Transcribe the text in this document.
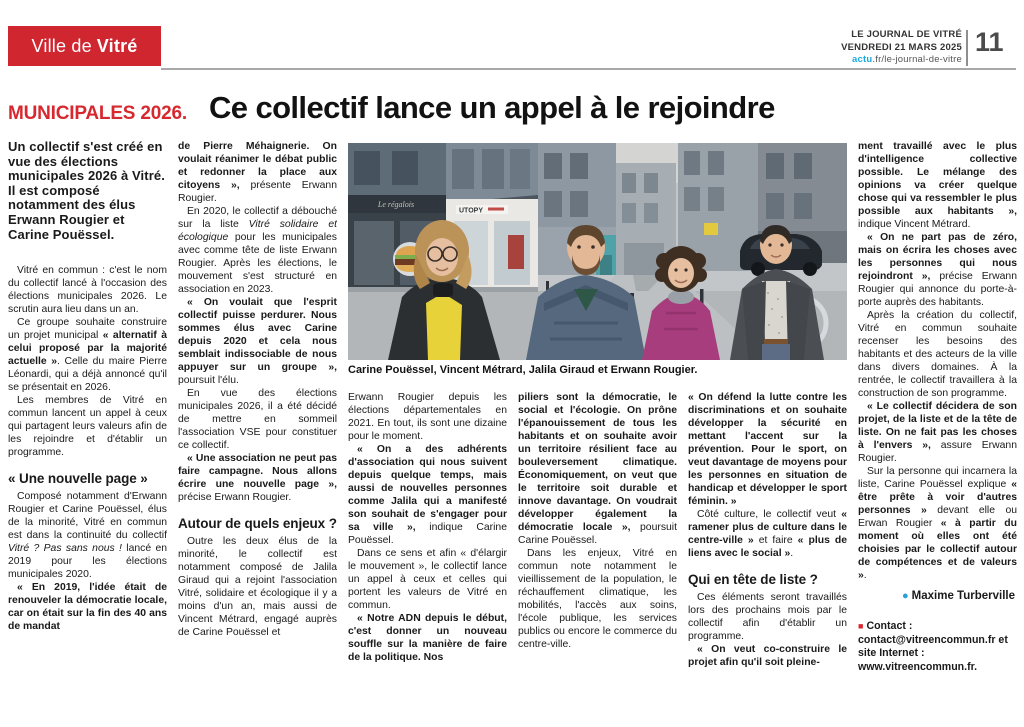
Ville de Vitré
LE JOURNAL DE VITRÉ
VENDREDI 21 MARS 2025
actu.fr/le-journal-de-vitre
11
MUNICIPALES 2026. Ce collectif lance un appel à le rejoindre
Le régalois
UTOPY
Carine Pouëssel, Vincent Métrard, Jalila Giraud et Erwann Rougier.

Un collectif s'est créé en vue des élections municipales 2026 à Vitré. Il est composé notamment des élus Erwann Rougier et Carine Pouëssel.

Vitré en commun : c'est le nom du collectif lancé à l'occasion des élections municipales 2026. Le scrutin aura lieu dans un an.

Ce groupe souhaite construire un projet municipal « alternatif à celui proposé par la majorité actuelle ». Celle du maire Pierre Léonardi, qui a déjà annoncé qu'il se présentait en 2026.

Les membres de Vitré en commun lancent un appel à ceux qui partagent leurs valeurs afin de les rejoindre et d'établir un programme.

« Une nouvelle page »

Composé notamment d'Erwann Rougier et Carine Pouëssel, élus de la minorité, Vitré en commun est dans la continuité du collectif Vitré ? Pas sans nous ! lancé en 2019 pour les élections municipales 2020.

« En 2019, l'idée était de renouveler la démocratie locale, car on était sur la fin des 40 ans de mandat

de Pierre Méhaignerie. On voulait réanimer le débat public et redonner la place aux citoyens », présente Erwann Rougier.

En 2020, le collectif a débouché sur la liste Vitré solidaire et écologique pour les municipales avec comme tête de liste Erwann Rougier. Après les élections, le mouvement s'est structuré en association en 2023.

« On voulait que l'esprit collectif puisse perdurer. Nous sommes élus avec Carine depuis 2020 et cela nous semblait indissociable de nous appuyer sur un groupe », poursuit l'élu.

En vue des élections municipales 2026, il a été décidé de mettre en sommeil l'association VSE pour constituer ce collectif.

« Une association ne peut pas faire campagne. Nous allons écrire une nouvelle page », précise Erwann Rougier.

Autour de quels enjeux ?

Outre les deux élus de la minorité, le collectif est notamment composé de Jalila Giraud qui a rejoint l'association Vitré, solidaire et écologique il y a moins d'un an, mais aussi de Vincent Métrard, engagé auprès de Carine Pouëssel et

Erwann Rougier depuis les élections départementales en 2021. En tout, ils sont une dizaine pour le moment.

« On a des adhérents d'association qui nous suivent depuis quelque temps, mais aussi de nouvelles personnes comme Jalila qui a manifesté son souhait de s'engager pour sa ville », indique Carine Pouëssel.

Dans ce sens et afin « d'élargir le mouvement », le collectif lance un appel à ceux et celles qui portent les valeurs de Vitré en commun.

« Notre ADN depuis le début, c'est donner un nouveau souffle sur la manière de faire de la politique. Nos

piliers sont la démocratie, le social et l'écologie. On prône l'épanouissement de tous les habitants et on souhaite avoir un territoire résilient face au bouleversement climatique. Économiquement, on veut que le territoire soit durable et innove davantage. On voudrait développer également la démocratie locale », poursuit Carine Pouëssel.

Dans les enjeux, Vitré en commun note notamment le vieillissement de la population, le réchauffement climatique, les mobilités, l'accès aux soins, l'école publique, les services publics ou encore le commerce du centre-ville.

« On défend la lutte contre les discriminations et on souhaite développer la sécurité en mettant l'accent sur la prévention. Pour le sport, on veut davantage de moyens pour les personnes en situation de handicap et développer le sport féminin. »

Côté culture, le collectif veut « ramener plus de culture dans le centre-ville » et faire « plus de liens avec le social ».

Qui en tête de liste ?

Ces éléments seront travaillés lors des prochains mois par le collectif afin d'établir un programme.

« On veut co-construire le projet afin qu'il soit pleine-

ment travaillé avec le plus d'intelligence collective possible. Le mélange des opinions va créer quelque chose qui va ressembler le plus possible aux habitants », indique Vincent Métrard.

« On ne part pas de zéro, mais on écrira les choses avec les personnes qui nous rejoindront », précise Erwann Rougier qui annonce du porte-à-porte auprès des habitants.

Après la création du collectif, Vitré en commun souhaite recenser les besoins des habitants et des acteurs de la ville dans divers domaines. À la rentrée, le collectif travaillera à la construction de son programme.

« Le collectif décidera de son projet, de la liste et de la tête de liste. On ne fait pas les choses à l'envers », assure Erwann Rougier.

Sur la personne qui incarnera la liste, Carine Pouëssel explique « être prête à voir d'autres personnes » devant elle ou Erwan Rougier « à partir du moment où elles ont été choisies par le collectif autour de compétences et de valeurs ».

● Maxime Turberville
■ Contact : contact@vitreencommun.fr et site Internet : www.vitreencommun.fr.
